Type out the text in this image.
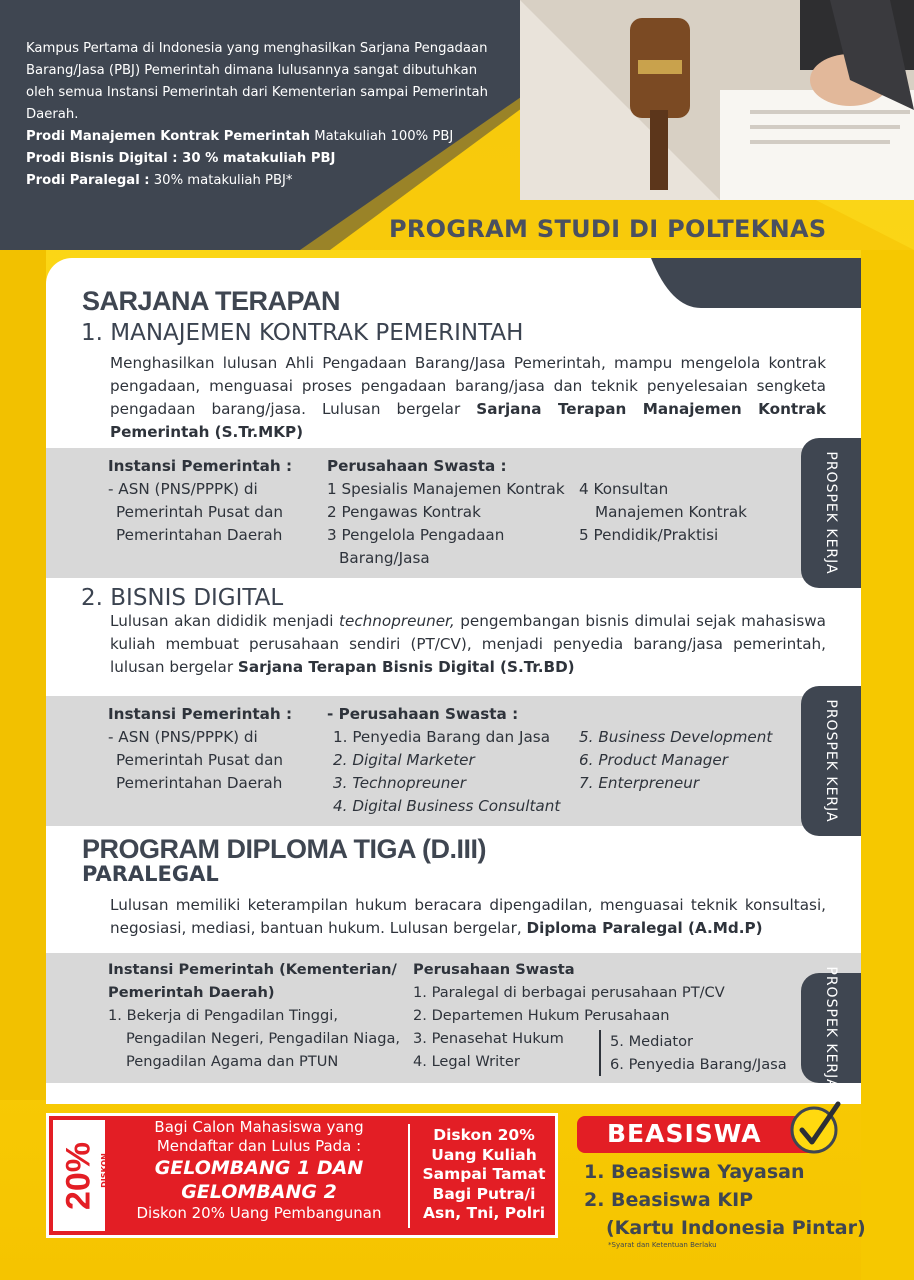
Kampus Pertama di Indonesia yang menghasilkan Sarjana Pengadaan Barang/Jasa (PBJ) Pemerintah dimana lulusannya sangat dibutuhkan oleh semua Instansi Pemerintah dari Kementerian sampai Pemerintah Daerah.
Prodi Manajemen Kontrak Pemerintah Matakuliah 100% PBJ
Prodi Bisnis Digital : 30 % matakuliah PBJ
Prodi Paralegal : 30% matakuliah PBJ*
PROGRAM STUDI DI POLTEKNAS
SARJANA TERAPAN
1. MANAJEMEN KONTRAK PEMERINTAH
Menghasilkan lulusan Ahli Pengadaan Barang/Jasa Pemerintah, mampu mengelola kontrak pengadaan, menguasai proses pengadaan barang/jasa dan teknik penyelesaian sengketa pengadaan barang/jasa. Lulusan bergelar Sarjana Terapan Manajemen Kontrak Pemerintah (S.Tr.MKP)
PROSPEK KERJA
Instansi Pemerintah :
- ASN (PNS/PPPK) di
Pemerintah Pusat dan
Pemerintahan Daerah
Perusahaan Swasta :
1 Spesialis Manajemen Kontrak
2 Pengawas Kontrak
3 Pengelola Pengadaan
Barang/Jasa
4 Konsultan
Manajemen Kontrak
5 Pendidik/Praktisi
2. BISNIS DIGITAL
Lulusan akan dididik menjadi technopreuner, pengembangan bisnis dimulai sejak mahasiswa kuliah membuat perusahaan sendiri (PT/CV), menjadi penyedia barang/jasa pemerintah, lulusan bergelar Sarjana Terapan Bisnis Digital (S.Tr.BD)
PROSPEK KERJA
Instansi Pemerintah :
- ASN (PNS/PPPK) di
Pemerintah Pusat dan
Pemerintahan Daerah
- Perusahaan Swasta :
1. Penyedia Barang dan Jasa
2. Digital Marketer
3. Technopreuner
4. Digital Business Consultant
5. Business Development
6. Product Manager
7. Enterpreneur
PROGRAM DIPLOMA TIGA (D.III)
PARALEGAL
Lulusan memiliki keterampilan hukum beracara dipengadilan, menguasai teknik konsultasi, negosiasi, mediasi, bantuan hukum. Lulusan bergelar, Diploma Paralegal (A.Md.P)
PROSPEK KERJA
Instansi Pemerintah (Kementerian/
Pemerintah Daerah)
1. Bekerja di Pengadilan Tinggi,
Pengadilan Negeri, Pengadilan Niaga,
Pengadilan Agama dan PTUN
Perusahaan Swasta
1. Paralegal di berbagai perusahaan PT/CV
2. Departemen Hukum Perusahaan
3. Penasehat Hukum
4. Legal Writer
5. Mediator
6. Penyedia Barang/Jasa
20% DISKON
Bagi Calon Mahasiswa yang
Mendaftar dan Lulus Pada :
GELOMBANG 1 DAN
GELOMBANG 2
Diskon 20% Uang Pembangunan
Diskon 20%
Uang Kuliah
Sampai Tamat
Bagi Putra/i
Asn, Tni, Polri
BEASISWA
1. Beasiswa Yayasan
2. Beasiswa KIP
(Kartu Indonesia Pintar)
*Syarat dan Ketentuan Berlaku
